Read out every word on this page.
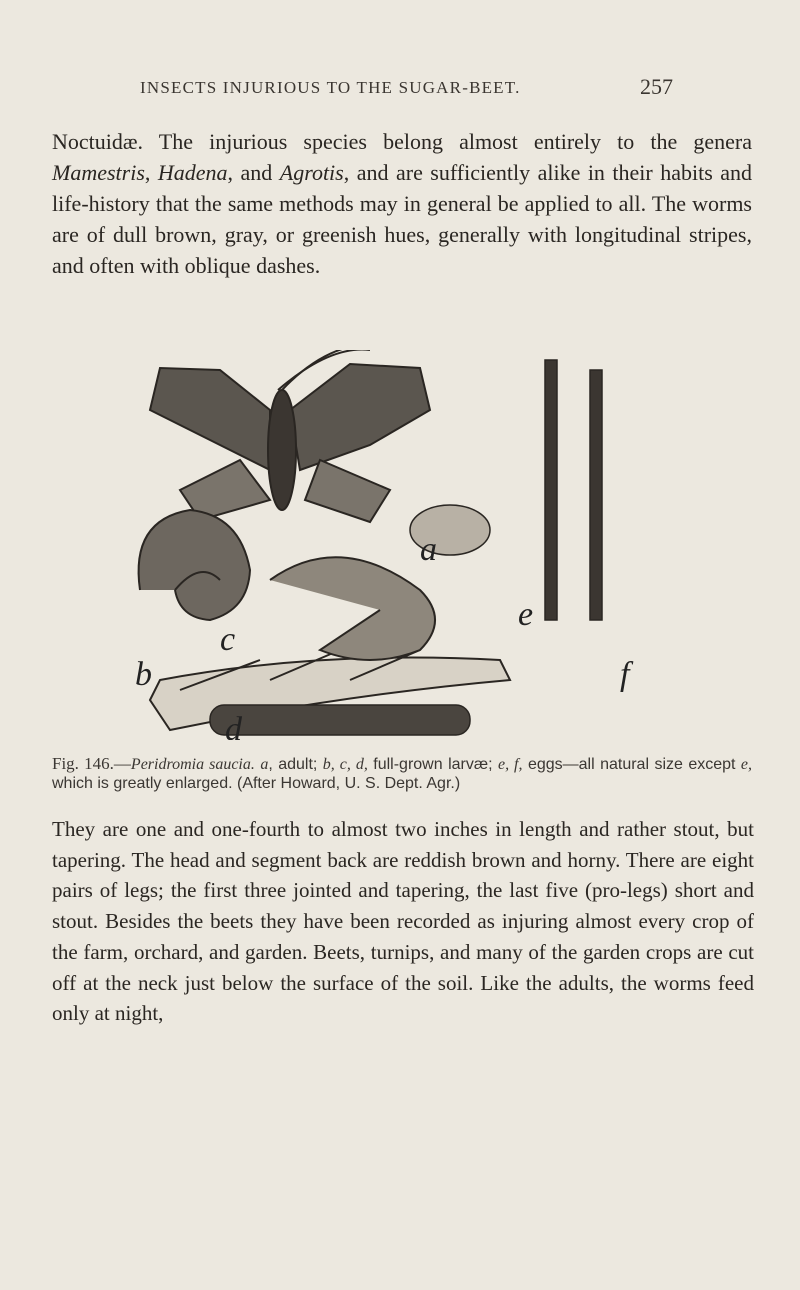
INSECTS INJURIOUS TO THE SUGAR-BEET.	257
Noctuidæ. The injurious species belong almost entirely to the genera Mamestris, Hadena, and Agrotis, and are sufficiently alike in their habits and life-history that the same methods may in general be applied to all. The worms are of dull brown, gray, or greenish hues, generally with longitudinal stripes, and often with oblique dashes.
a
c
b
d
e
f
Fig. 146.—Peridromia saucia. a, adult; b, c, d, full-grown larvæ; e, f, eggs—all natural size except e, which is greatly enlarged. (After Howard, U. S. Dept. Agr.)
They are one and one-fourth to almost two inches in length and rather stout, but tapering. The head and segment back are reddish brown and horny. There are eight pairs of legs; the first three jointed and tapering, the last five (pro-legs) short and stout. Besides the beets they have been recorded as injuring almost every crop of the farm, orchard, and garden. Beets, turnips, and many of the garden crops are cut off at the neck just below the surface of the soil. Like the adults, the worms feed only at night,
